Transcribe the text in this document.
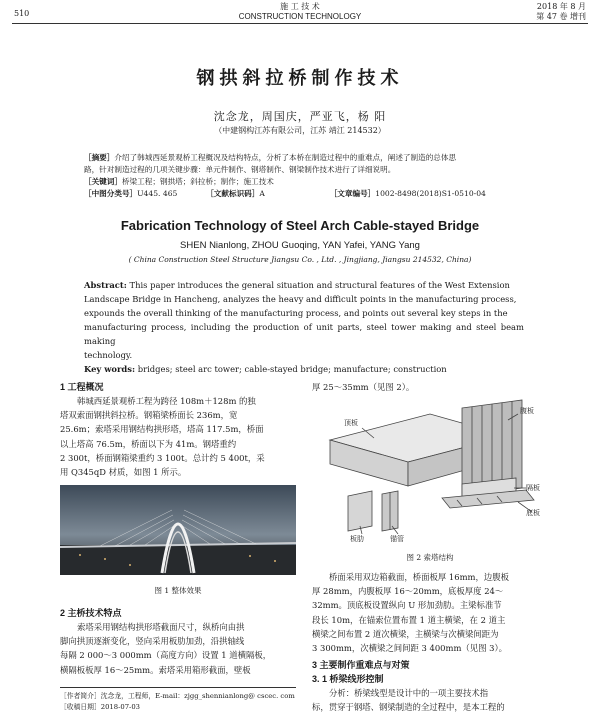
510
施 工 技 术
CONSTRUCTION TECHNOLOGY
2018 年 8 月
第 47 卷 增刊
钢拱斜拉桥制作技术
沈念龙，周国庆，严亚飞，杨 阳
（中建钢构江苏有限公司，江苏 靖江 214532）
［摘要］介绍了韩城西延景观桥工程概况及结构特点，分析了本桥在制造过程中的重难点，阐述了制造的总体思
路，针对制造过程的几项关键步骤：单元件制作、钢塔制作、钢梁制作技术进行了详细说明。
［关键词］桥梁工程；钢拱塔；斜拉桥；制作；施工技术
［中图分类号］U445. 465	［文献标识码］A	［文章编号］1002-8498(2018)S1-0510-04
Fabrication Technology of Steel Arch Cable-stayed Bridge
SHEN Nianlong, ZHOU Guoqing, YAN Yafei, YANG Yang
( China Construction Steel Structure Jiangsu Co. , Ltd. , Jingjiang, Jiangsu 214532, China)
Abstract: This paper introduces the general situation and structural features of the West Extension
Landscape Bridge in Hancheng, analyzes the heavy and difficult points in the manufacturing process,
expounds the overall thinking of the manufacturing process, and points out several key steps in the
manufacturing process, including the production of unit parts, steel tower making and steel beam making
technology.
Key words: bridges; steel arc tower; cable-stayed bridge; manufacture; construction
1 工程概况
韩城西延景观桥工程为跨径 108m＋128m 的独
塔双索面钢拱斜拉桥。钢箱梁桥面长 236m，宽
25.6m；索塔采用钢结构拱形塔，塔高 117.5m，桥面
以上塔高 76.5m，桥面以下为 41m。钢塔重约
2 300t，桥面钢箱梁重约 3 100t。总计约 5 400t，采
用 Q345qD 材质，如图 1 所示。
图 1 整体效果
2 主桥技术特点
索塔采用钢结构拱形塔截面尺寸，纵桥向由拱
脚向拱顶逐渐变化，竖向采用板肋加劲，沿拱轴线
每隔 2 000～3 000mm（高度方向）设置 1 道横隔板，
横隔板板厚 16～25mm。索塔采用箱形截面，壁板
［作者简介］沈念龙，工程师，E-mail：zjgg_shennianlong@ cscec. com
［收稿日期］2018-07-03
厚 25～35mm（见图 2）。
顶板
腹板
隔板
底板
板肋	锚管
图 2 索塔结构
桥面采用双边箱截面，桥面板厚 16mm，边腹板
厚 28mm，内腹板厚 16～20mm，底板厚度 24～
32mm。顶底板设置纵向 U 形加劲肋。主梁标准节
段长 10m，在锚索位置布置 1 道主横梁，在 2 道主
横梁之间布置 2 道次横梁，主横梁与次横梁间距为
3 300mm，次横梁之间间距 3 400mm（见图 3）。
3 主要制作重难点与对策
3. 1 桥梁线形控制
分析：桥梁线型是设计中的一项主要技术指
标，贯穿于钢塔、钢梁制造的全过程中，是本工程的
